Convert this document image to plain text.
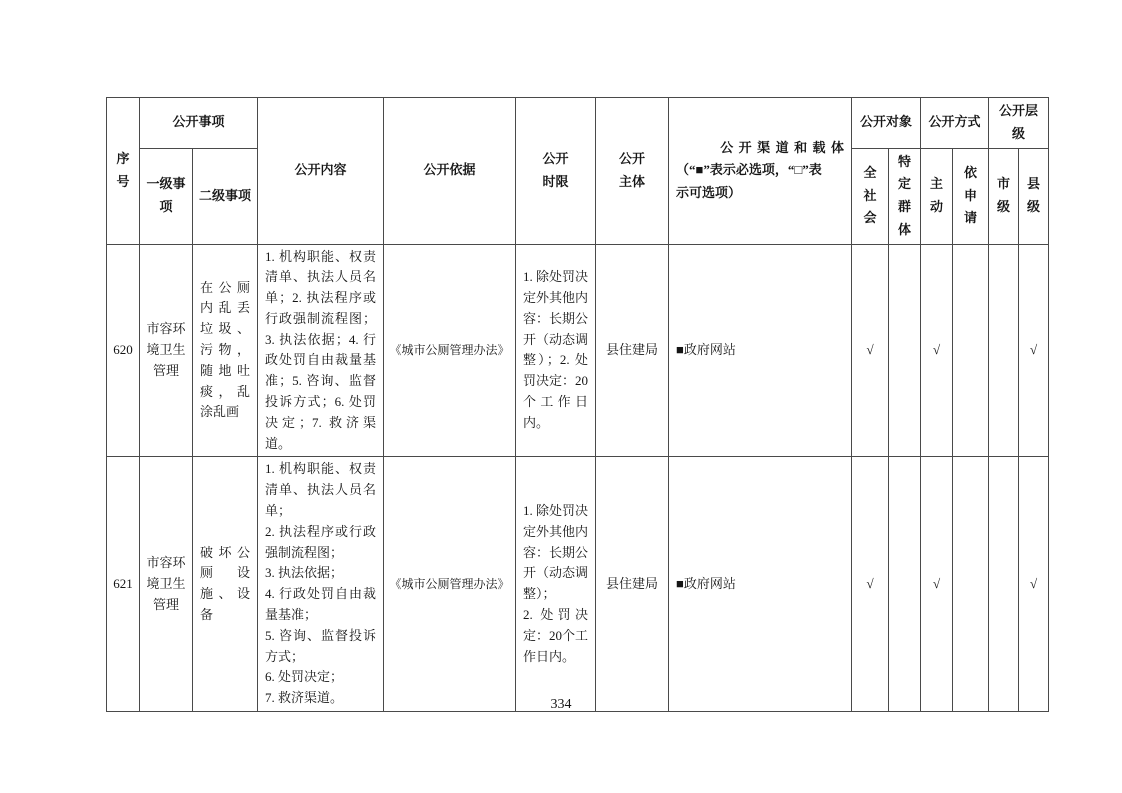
序号	公开事项		公开内容	公开依据	公开时限	公开主体	公开渠道和载体
（“■”表示必选项，“□”表
示可选项）	公开对象		公开方式		公开层级	

	一级事项	二级事项						全社会	特定群体	主动	依申请	市级	县级

620	市容环境卫生管理	在公厕内乱丢垃圾、污物，随地吐痰，乱涂乱画	1. 机构职能、权责清单、执法人员名单；2. 执法程序或行政强制流程图；3. 执法依据；4. 行政处罚自由裁量基准；5. 咨询、监督投诉方式；6. 处罚决定；7. 救济渠道。	《城市公厕管理办法》	1. 除处罚决定外其他内容：长期公开（动态调整）；2. 处罚决定：20个工作日内。	县住建局	■政府网站	√		√			√
621	市容环境卫生管理	破坏公厕设施、设备	1. 机构职能、权责清单、执法人员名单；
2. 执法程序或行政强制流程图；
3. 执法依据；
4. 行政处罚自由裁量基准；
5. 咨询、监督投诉方式；
6. 处罚决定；
7. 救济渠道。	《城市公厕管理办法》	1. 除处罚决定外其他内容：长期公开（动态调整）；
2. 处罚决定：20个工作日内。	县住建局	■政府网站	√		√			√
334
